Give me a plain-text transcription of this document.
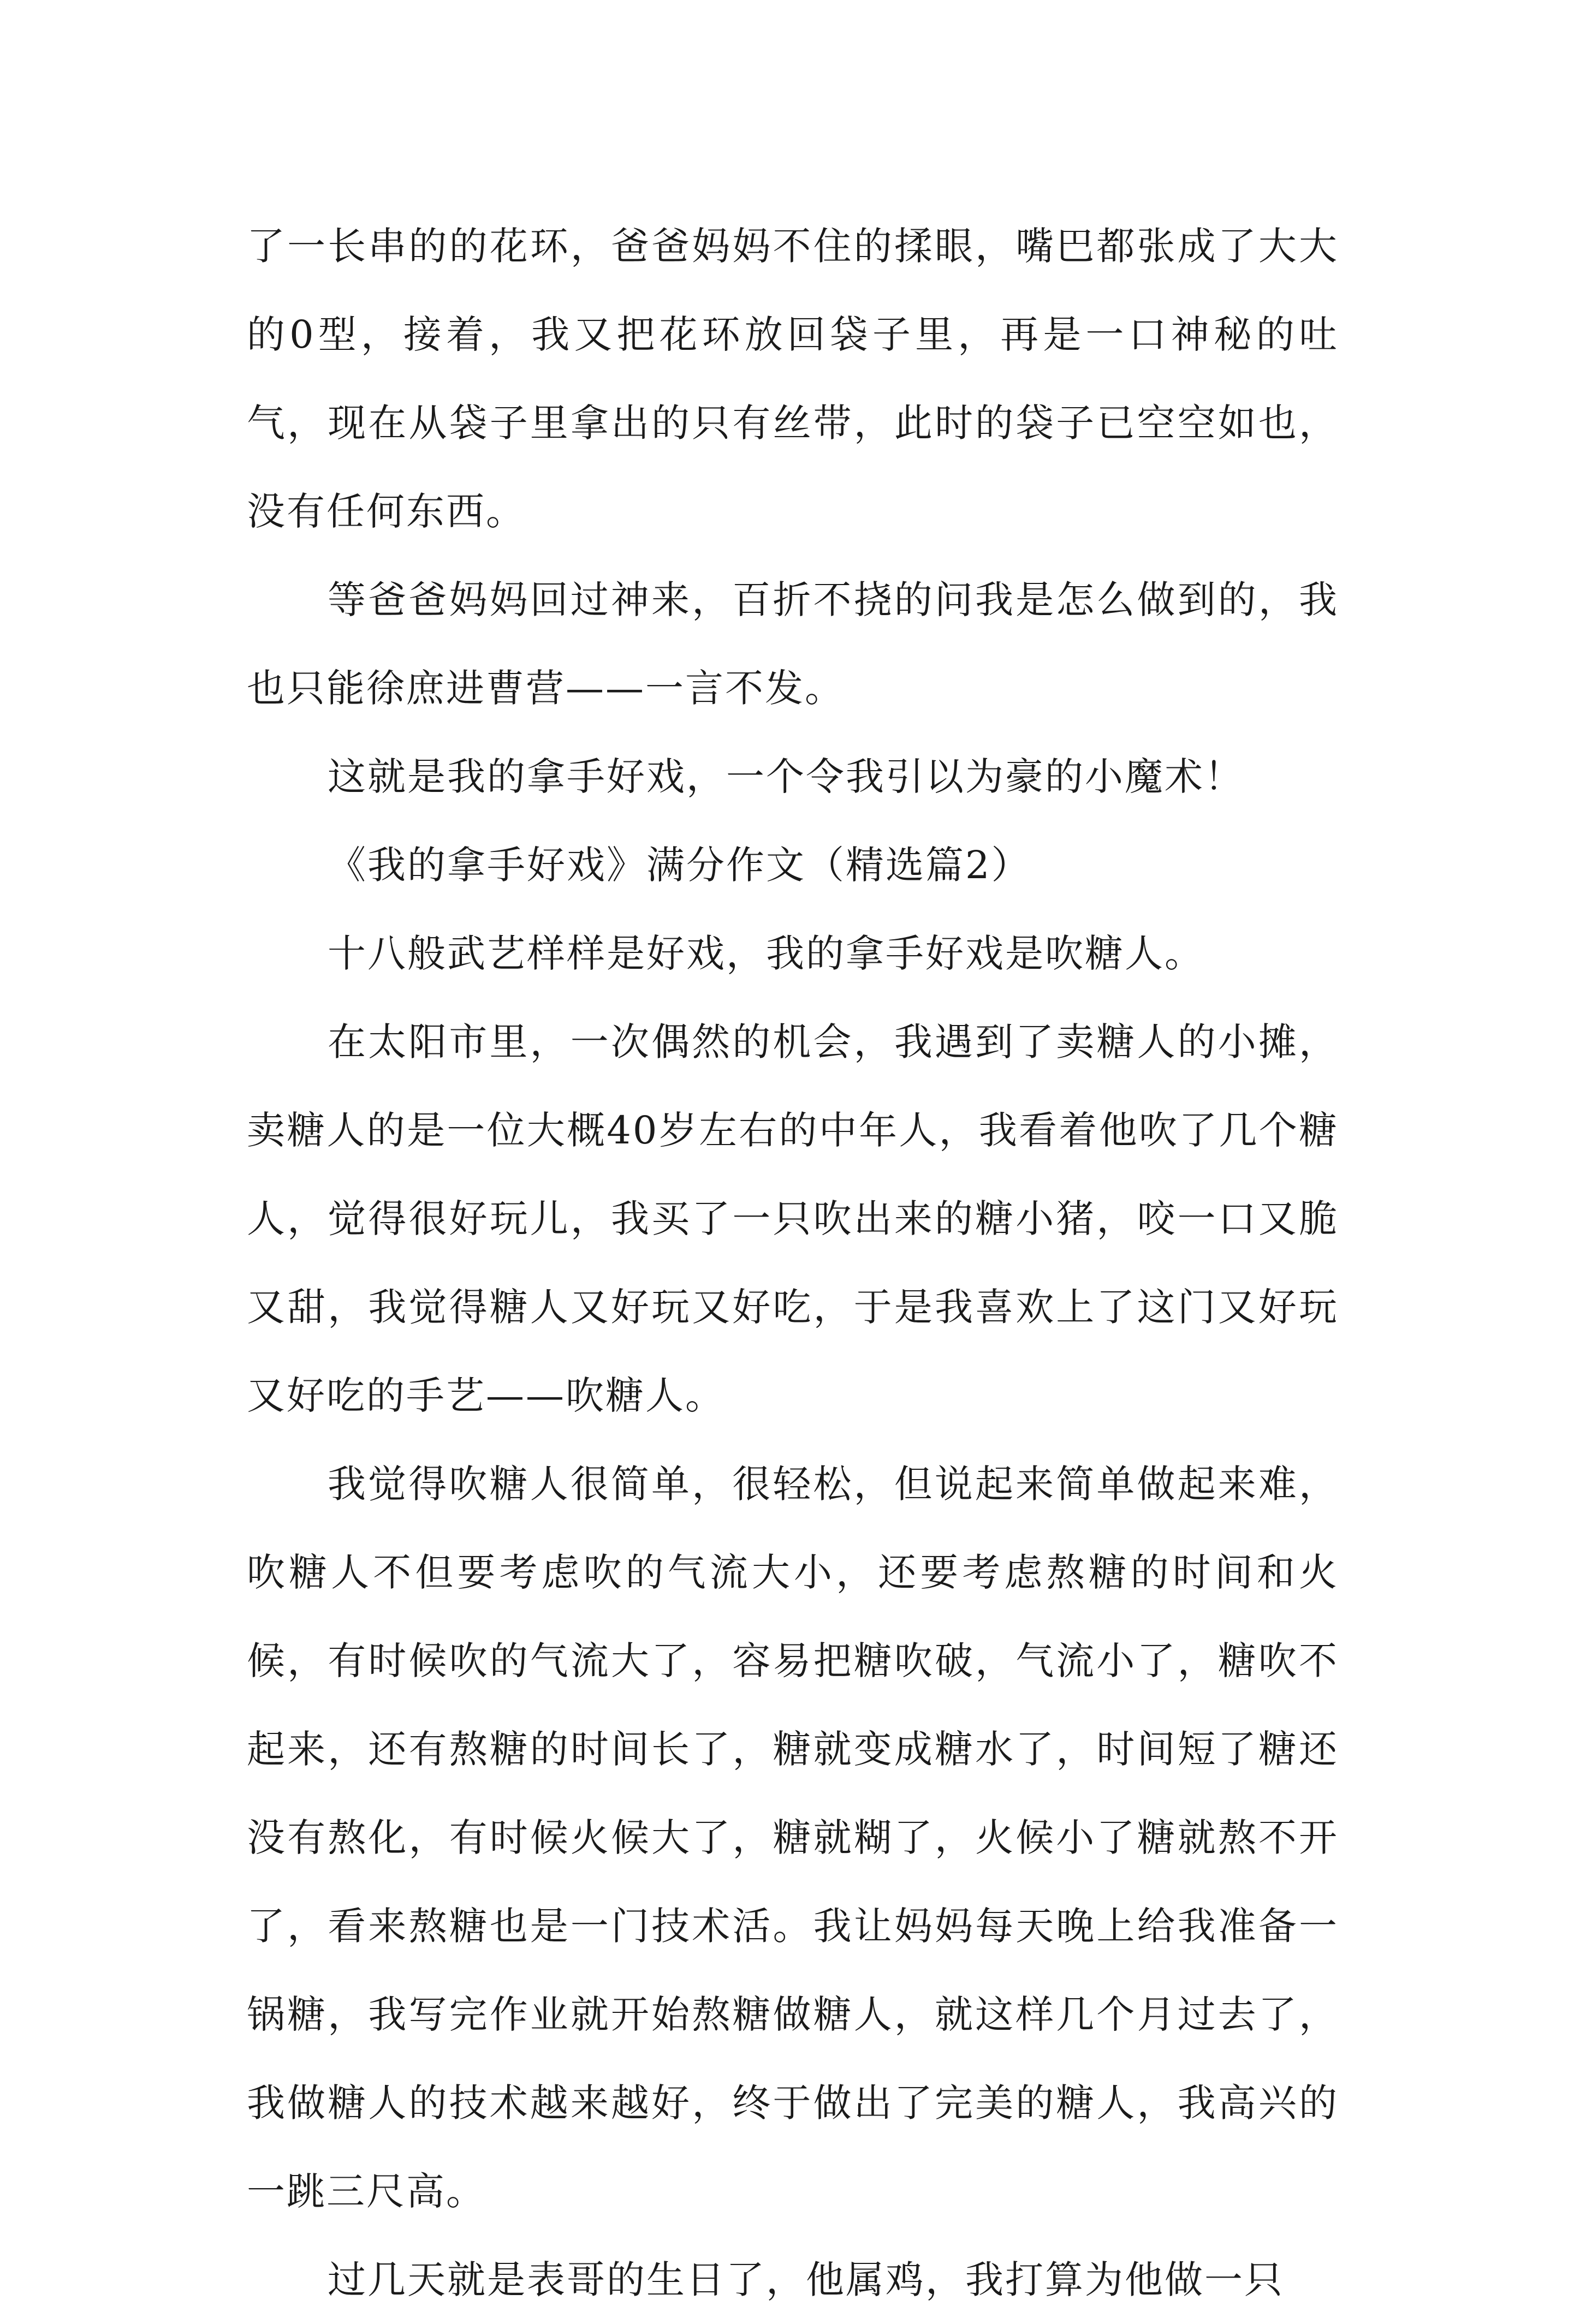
了一长串的的花环，爸爸妈妈不住的揉眼，嘴巴都张成了大大的0型，接着，我又把花环放回袋子里，再是一口神秘的吐气，现在从袋子里拿出的只有丝带，此时的袋子已空空如也，没有任何东西。

等爸爸妈妈回过神来，百折不挠的问我是怎么做到的，我也只能徐庶进曹营——一言不发。

这就是我的拿手好戏，一个令我引以为豪的小魔术！

《我的拿手好戏》满分作文（精选篇2）

十八般武艺样样是好戏，我的拿手好戏是吹糖人。

在太阳市里，一次偶然的机会，我遇到了卖糖人的小摊，卖糖人的是一位大概40岁左右的中年人，我看着他吹了几个糖人，觉得很好玩儿，我买了一只吹出来的糖小猪，咬一口又脆又甜，我觉得糖人又好玩又好吃，于是我喜欢上了这门又好玩又好吃的手艺——吹糖人。

我觉得吹糖人很简单，很轻松，但说起来简单做起来难，吹糖人不但要考虑吹的气流大小，还要考虑熬糖的时间和火候，有时候吹的气流大了，容易把糖吹破，气流小了，糖吹不起来，还有熬糖的时间长了，糖就变成糖水了，时间短了糖还没有熬化，有时候火候大了，糖就糊了，火候小了糖就熬不开了，看来熬糖也是一门技术活。我让妈妈每天晚上给我准备一锅糖，我写完作业就开始熬糖做糖人，就这样几个月过去了，我做糖人的技术越来越好，终于做出了完美的糖人，我高兴的一跳三尺高。

过几天就是表哥的生日了，他属鸡，我打算为他做一只
